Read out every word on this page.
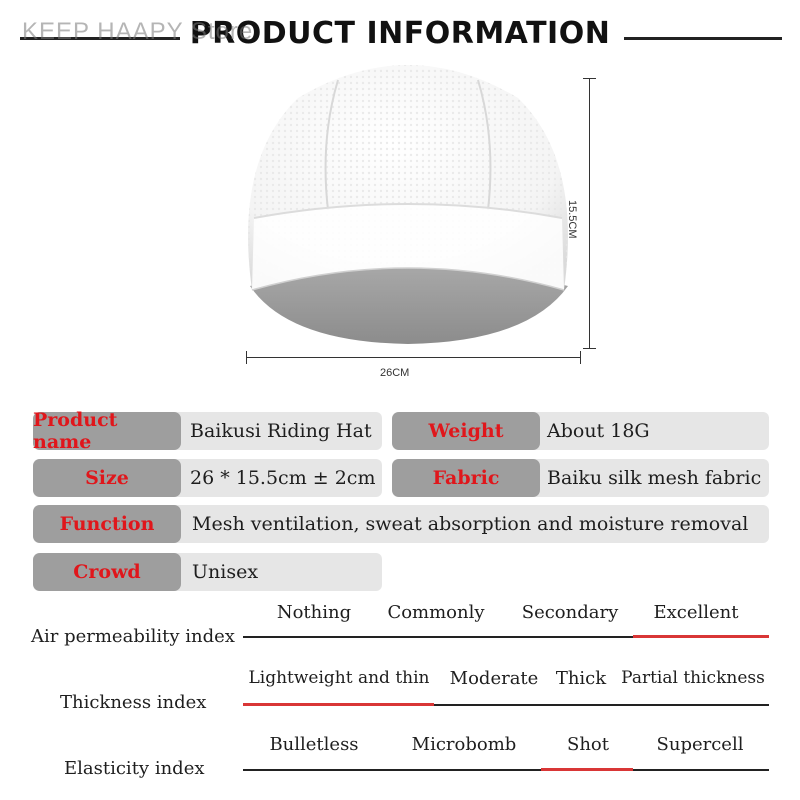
PRODUCT INFORMATION
KEEP HAAPY Store
15.5CM
26CM
Product name	Baikusi Riding Hat	Weight	About 18G
Size	26 * 15.5cm ± 2cm	Fabric	Baiku silk mesh fabric
Function	Mesh ventilation, sweat absorption and moisture removal
Crowd	Unisex
Air permeability index
Nothing	Commonly	Secondary	Excellent
Thickness index
Lightweight and thin	Moderate Thick Partial thickness
Elasticity index
Bulletless	Microbomb	Shot	Supercell
